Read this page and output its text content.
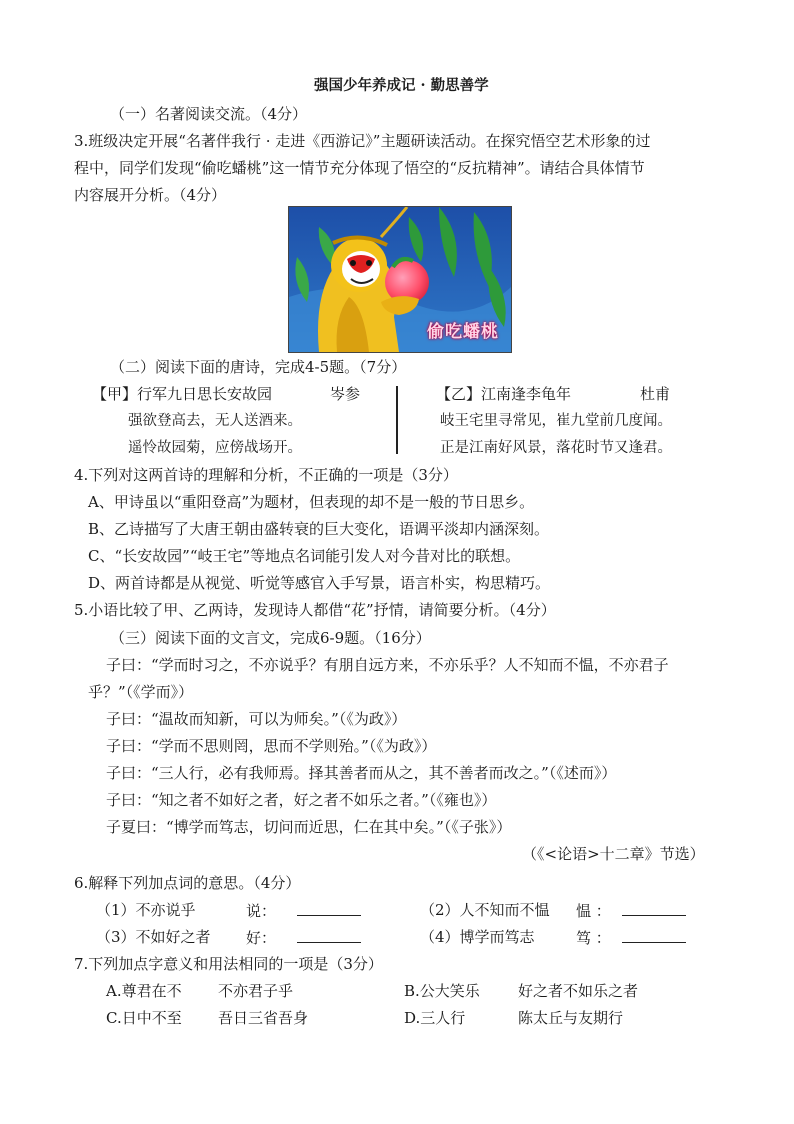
强国少年养成记 · 勤思善学
（一）名著阅读交流。（4分）
3.班级决定开展“名著伴我行 · 走进《西游记》”主题研读活动。在探究悟空艺术形象的过
程中，同学们发现“偷吃蟠桃”这一情节充分体现了悟空的“反抗精神”。请结合具体情节
内容展开分析。（4分）
偷吃蟠桃
（二）阅读下面的唐诗，完成4-5题。（7分）
【甲】行军九日思长安故园	岑参
强欲登高去，无人送酒来。
遥怜故园菊，应傍战场开。
【乙】江南逢李龟年	杜甫
岐王宅里寻常见，崔九堂前几度闻。
正是江南好风景，落花时节又逢君。
4.下列对这两首诗的理解和分析，不正确的一项是（3分）
A、甲诗虽以“重阳登高”为题材，但表现的却不是一般的节日思乡。
B、乙诗描写了大唐王朝由盛转衰的巨大变化，语调平淡却内涵深刻。
C、“长安故园”“岐王宅”等地点名词能引发人对今昔对比的联想。
D、两首诗都是从视觉、听觉等感官入手写景，语言朴实，构思精巧。
5.小语比较了甲、乙两诗，发现诗人都借“花”抒情，请简要分析。（4分）
（三）阅读下面的文言文，完成6-9题。（16分）
子曰：“学而时习之，不亦说乎？有朋自远方来，不亦乐乎？人不知而不愠，不亦君子
乎？”（《学而》）
子曰：“温故而知新，可以为师矣。”（《为政》）
子曰：“学而不思则罔，思而不学则殆。”（《为政》）
子曰：“三人行，必有我师焉。择其善者而从之，其不善者而改之。”（《述而》）
子曰：“知之者不如好之者，好之者不如乐之者。”（《雍也》）
子夏曰：“博学而笃志，切问而近思，仁在其中矣。”（《子张》）
（《<论语>十二章》节选）
6.解释下列加点词的意思。（4分）
（1）不亦说乎	说：	（2）人不知而不愠 愠 ：
（3）不如好之者 好：	（4）博学而笃志	笃 ：
7.下列加点字意义和用法相同的一项是（3分）
A.尊君在不 不亦君子乎	B.公大笑乐	好之者不如乐之者
C.日中不至 吾日三省吾身	D.三人行	陈太丘与友期行
